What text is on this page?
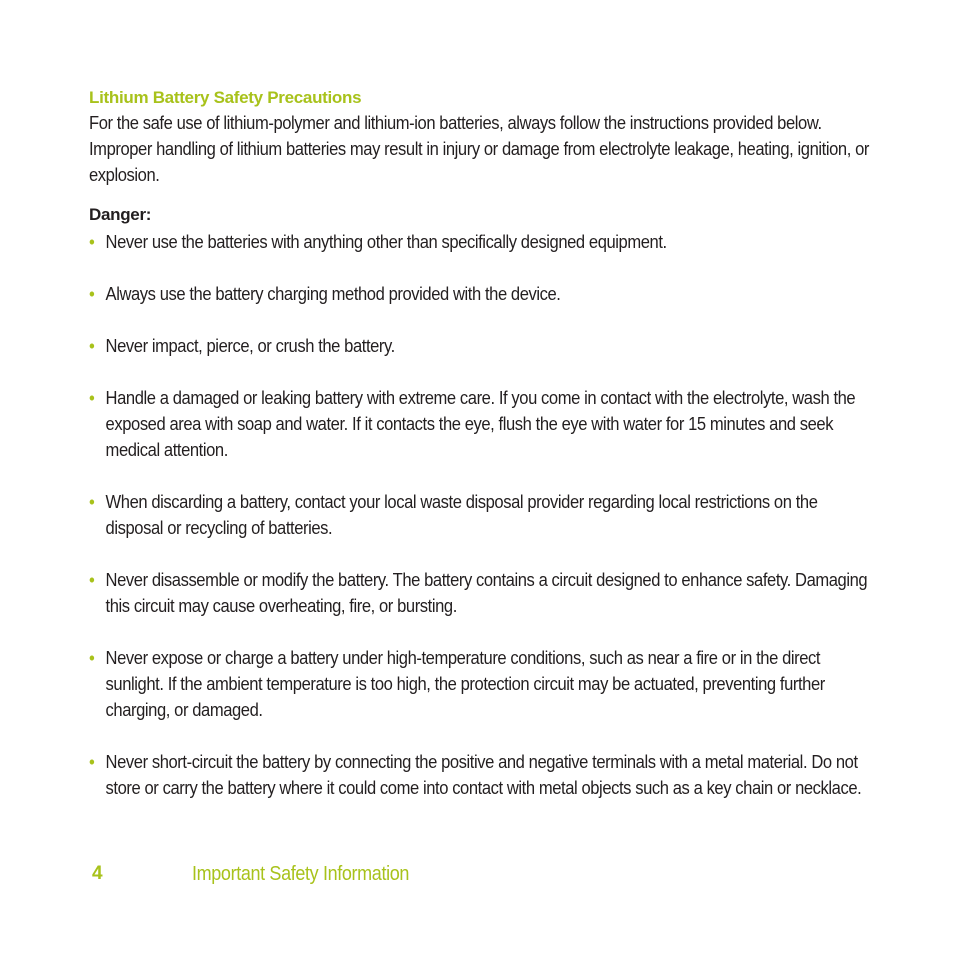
Lithium Battery Safety Precautions

For the safe use of lithium-polymer and lithium-ion batteries, always follow the instructions provided below. Improper handling of lithium batteries may result in injury or damage from electrolyte leakage, heating, ignition, or explosion.

Danger:
• Never use the batteries with anything other than specifically designed equipment.
• Always use the battery charging method provided with the device.
• Never impact, pierce, or crush the battery.
• Handle a damaged or leaking battery with extreme care. If you come in contact with the electrolyte, wash the exposed area with soap and water. If it contacts the eye, flush the eye with water for 15 minutes and seek medical attention.
• When discarding a battery, contact your local waste disposal provider regarding local restrictions on the disposal or recycling of batteries.
• Never disassemble or modify the battery. The battery contains a circuit designed to enhance safety. Damaging this circuit may cause overheating, fire, or bursting.
• Never expose or charge a battery under high-temperature conditions, such as near a fire or in the direct sunlight. If the ambient temperature is too high, the protection circuit may be actuated, preventing further charging, or damaged.
• Never short-circuit the battery by connecting the positive and negative terminals with a metal material. Do not store or carry the battery where it could come into contact with metal objects such as a key chain or necklace.
4	Important Safety Information
